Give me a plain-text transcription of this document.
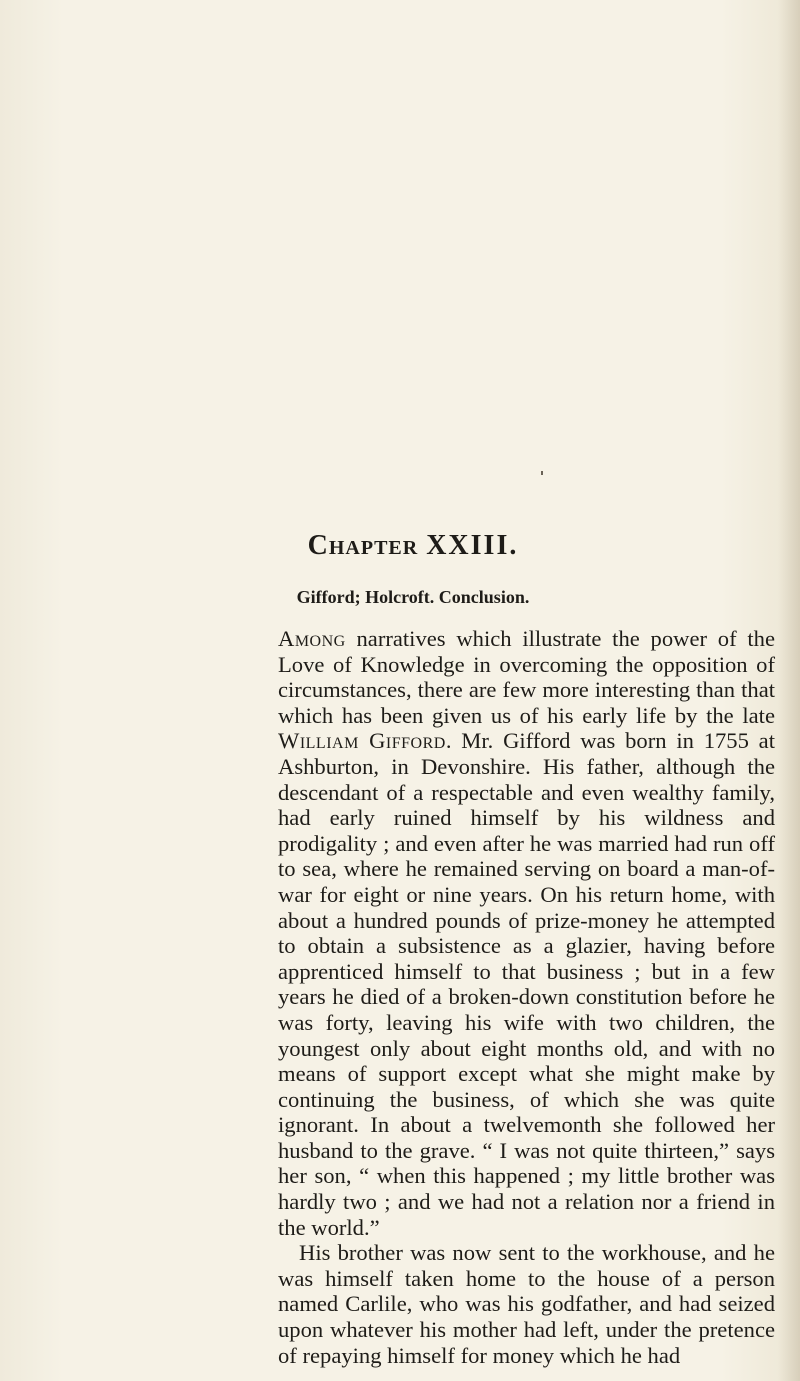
Chapter XXIII.
Gifford; Holcroft. Conclusion.

Among narratives which illustrate the power of the Love of Knowledge in overcoming the opposition of circumstances, there are few more interesting than that which has been given us of his early life by the late William Gifford. Mr. Gifford was born in 1755 at Ashburton, in Devonshire. His father, although the descendant of a respectable and even wealthy family, had early ruined himself by his wildness and prodigality ; and even after he was married had run off to sea, where he remained serving on board a man-of-war for eight or nine years. On his return home, with about a hundred pounds of prize-money he attempted to obtain a subsistence as a glazier, having before apprenticed himself to that business ; but in a few years he died of a broken-down constitution before he was forty, leaving his wife with two children, the youngest only about eight months old, and with no means of support except what she might make by continuing the business, of which she was quite ignorant. In about a twelvemonth she followed her husband to the grave. “ I was not quite thirteen,” says her son, “ when this happened ; my little brother was hardly two ; and we had not a relation nor a friend in the world.”

His brother was now sent to the workhouse, and he was himself taken home to the house of a person named Carlile, who was his godfather, and had seized upon whatever his mother had left, under the pretence of repaying himself for money which he had
